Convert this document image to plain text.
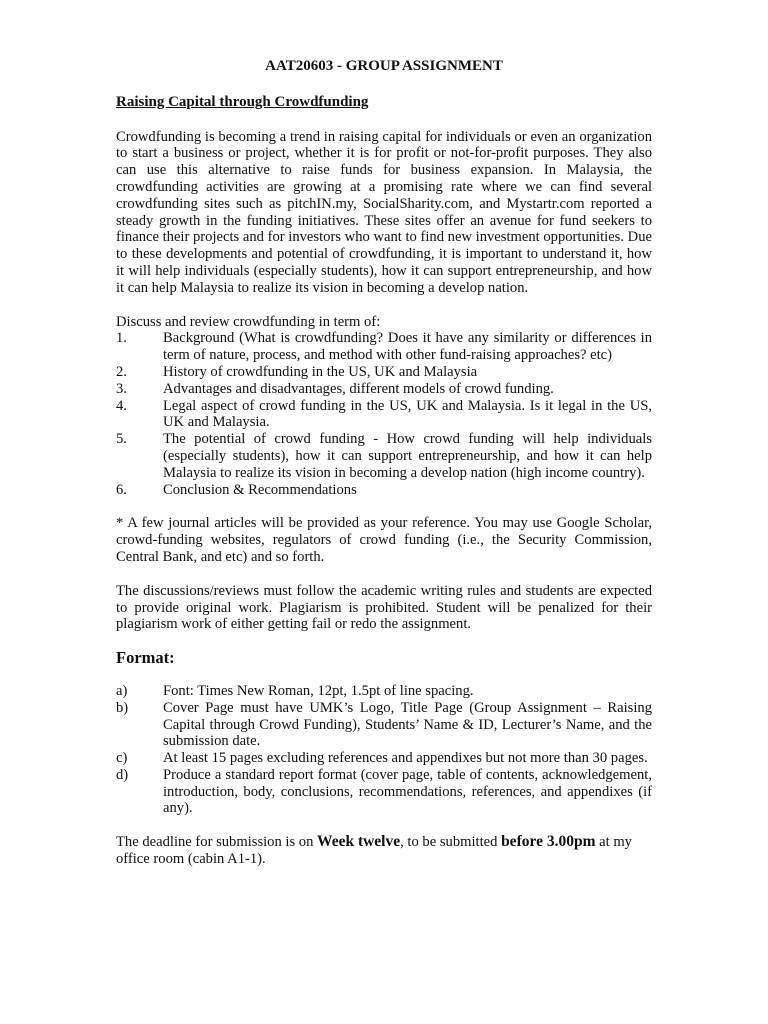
AAT20603 - GROUP ASSIGNMENT
Raising Capital through Crowdfunding
Crowdfunding is becoming a trend in raising capital for individuals or even an organization to start a business or project, whether it is for profit or not-for-profit purposes. They also can use this alternative to raise funds for business expansion. In Malaysia, the crowdfunding activities are growing at a promising rate where we can find several crowdfunding sites such as pitchIN.my, SocialSharity.com, and Mystartr.com reported a steady growth in the funding initiatives. These sites offer an avenue for fund seekers to finance their projects and for investors who want to find new investment opportunities. Due to these developments and potential of crowdfunding, it is important to understand it, how it will help individuals (especially students), how it can support entrepreneurship, and how it can help Malaysia to realize its vision in becoming a develop nation.
Discuss and review crowdfunding in term of:
1.	Background (What is crowdfunding? Does it have any similarity or differences in term of nature, process, and method with other fund-raising approaches? etc)
2.	History of crowdfunding in the US, UK and Malaysia
3.	Advantages and disadvantages, different models of crowd funding.
4.	Legal aspect of crowd funding in the US, UK and Malaysia. Is it legal in the US, UK and Malaysia.
5.	The potential of crowd funding - How crowd funding will help individuals (especially students), how it can support entrepreneurship, and how it can help Malaysia to realize its vision in becoming a develop nation (high income country).
6.	Conclusion & Recommendations
* A few journal articles will be provided as your reference. You may use Google Scholar, crowd-funding websites, regulators of crowd funding (i.e., the Security Commission, Central Bank, and etc) and so forth.
The discussions/reviews must follow the academic writing rules and students are expected to provide original work. Plagiarism is prohibited. Student will be penalized for their plagiarism work of either getting fail or redo the assignment.
Format:
a)	Font: Times New Roman, 12pt, 1.5pt of line spacing.
b)	Cover Page must have UMK’s Logo, Title Page (Group Assignment – Raising Capital through Crowd Funding), Students’ Name & ID, Lecturer’s Name, and the submission date.
c)	At least 15 pages excluding references and appendixes but not more than 30 pages.
d)	Produce a standard report format (cover page, table of contents, acknowledgement, introduction, body, conclusions, recommendations, references, and appendixes (if any).
The deadline for submission is on Week twelve, to be submitted before 3.00pm at my office room (cabin A1-1).
